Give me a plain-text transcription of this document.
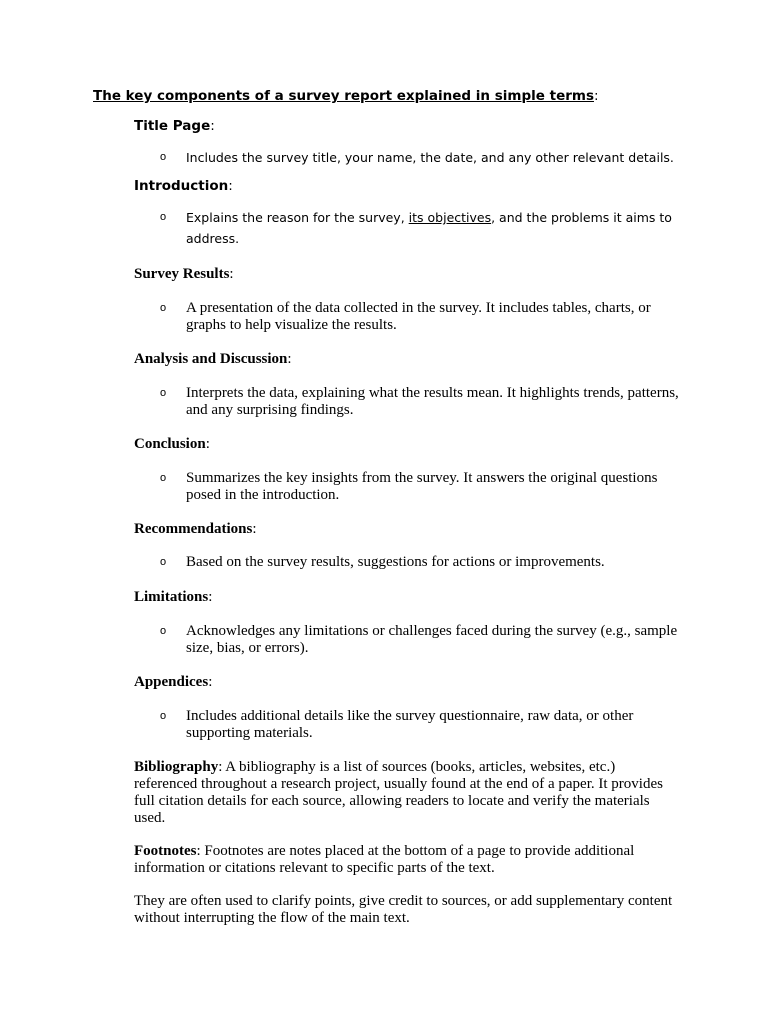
The key components of a survey report explained in simple terms:
Title Page:
o Includes the survey title, your name, the date, and any other relevant details.
Introduction:
o Explains the reason for the survey, its objectives, and the problems it aims to address.
Survey Results:
o A presentation of the data collected in the survey. It includes tables, charts, or graphs to help visualize the results.
Analysis and Discussion:
o Interprets the data, explaining what the results mean. It highlights trends, patterns, and any surprising findings.
Conclusion:
o Summarizes the key insights from the survey. It answers the original questions posed in the introduction.
Recommendations:
o Based on the survey results, suggestions for actions or improvements.
Limitations:
o Acknowledges any limitations or challenges faced during the survey (e.g., sample size, bias, or errors).
Appendices:
o Includes additional details like the survey questionnaire, raw data, or other supporting materials.
Bibliography: A bibliography is a list of sources (books, articles, websites, etc.) referenced throughout a research project, usually found at the end of a paper. It provides full citation details for each source, allowing readers to locate and verify the materials used.
Footnotes: Footnotes are notes placed at the bottom of a page to provide additional information or citations relevant to specific parts of the text.
They are often used to clarify points, give credit to sources, or add supplementary content without interrupting the flow of the main text.
